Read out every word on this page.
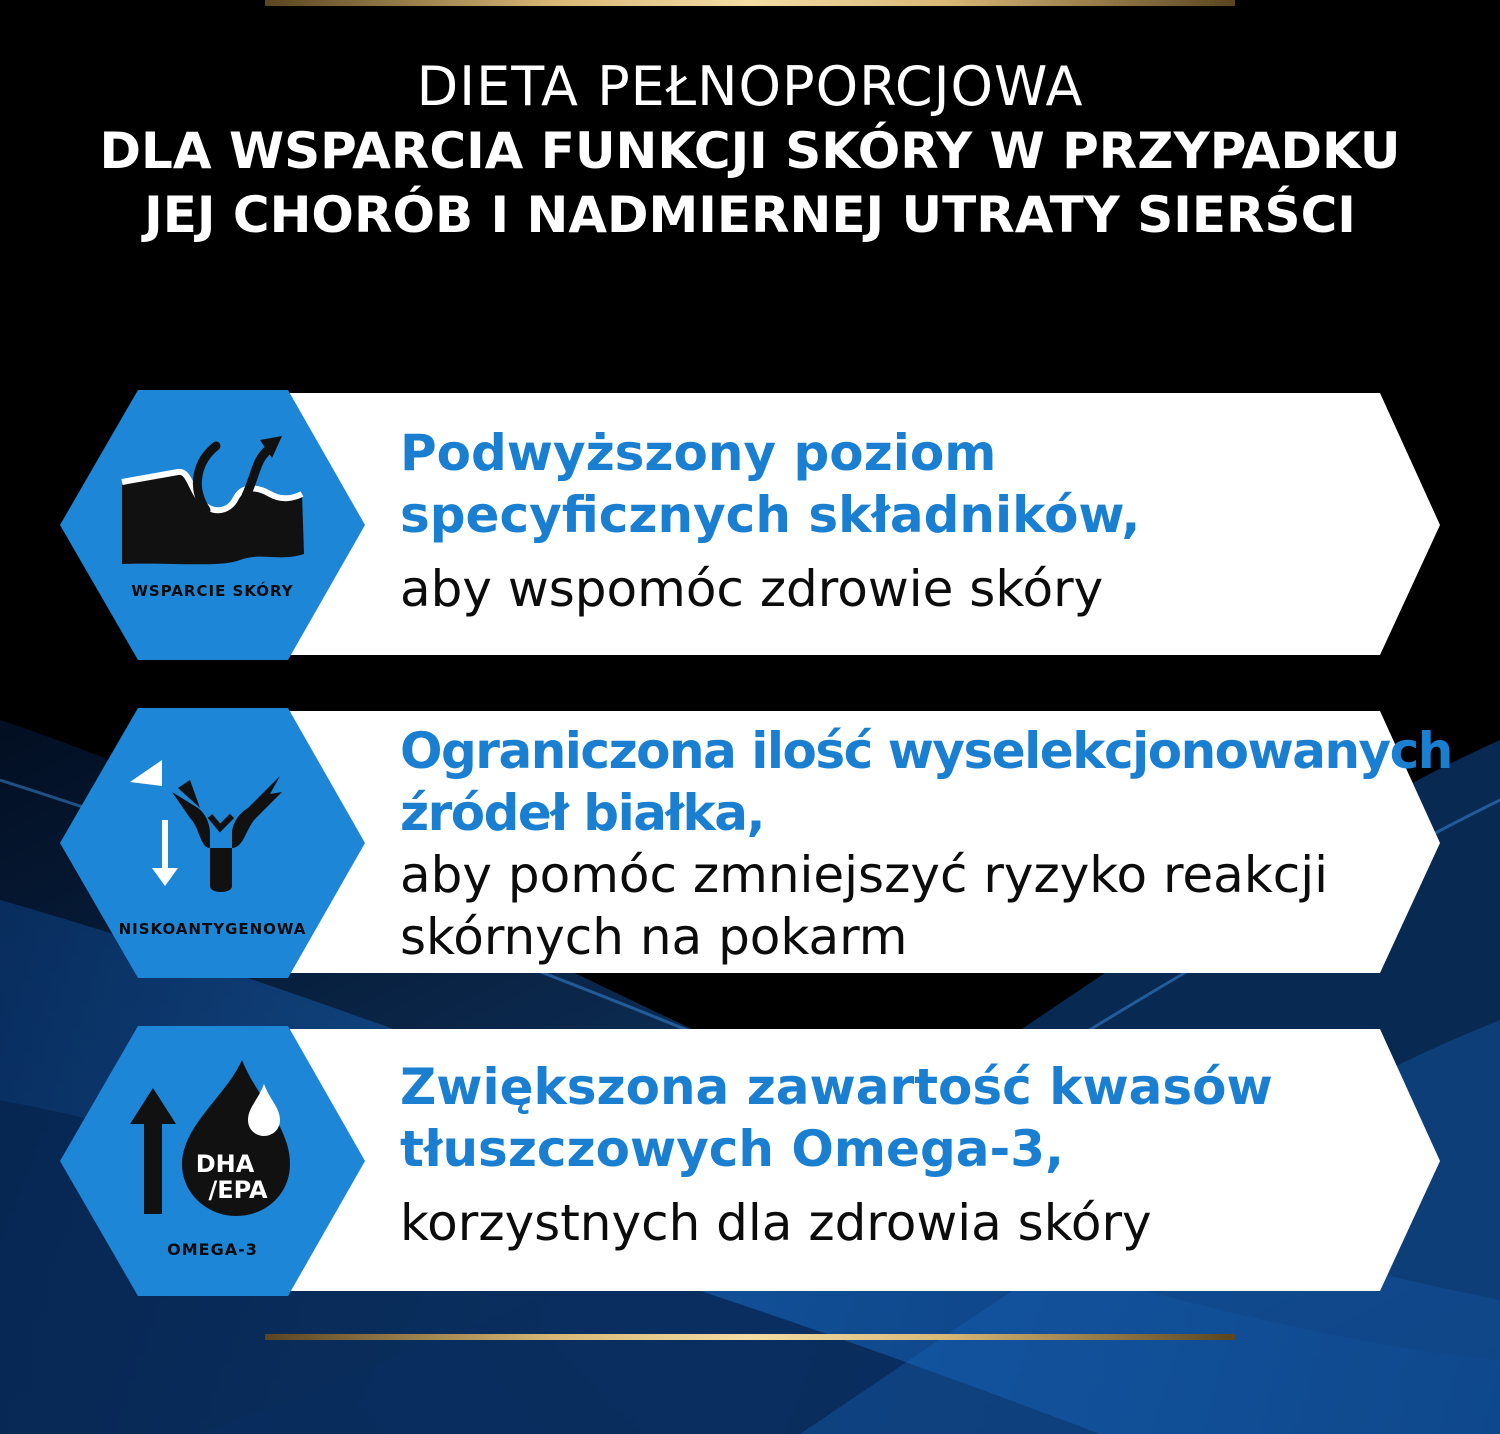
DIETA PEŁNOPORCJOWA
DLA WSPARCIA FUNKCJI SKÓRY W PRZYPADKU
JEJ CHORÓB I NADMIERNEJ UTRATY SIERŚCI
WSPARCIE SKÓRY
Podwyższony poziom
specyficznych składników,
aby wspomóc zdrowie skóry
NISKOANTYGENOWA
Ograniczona ilość wyselekcjonowanych
źródeł białka,
aby pomóc zmniejszyć ryzyko reakcji
skórnych na pokarm
DHA
/EPA
OMEGA-3
Zwiększona zawartość kwasów
tłuszczowych Omega-3,
korzystnych dla zdrowia skóry
